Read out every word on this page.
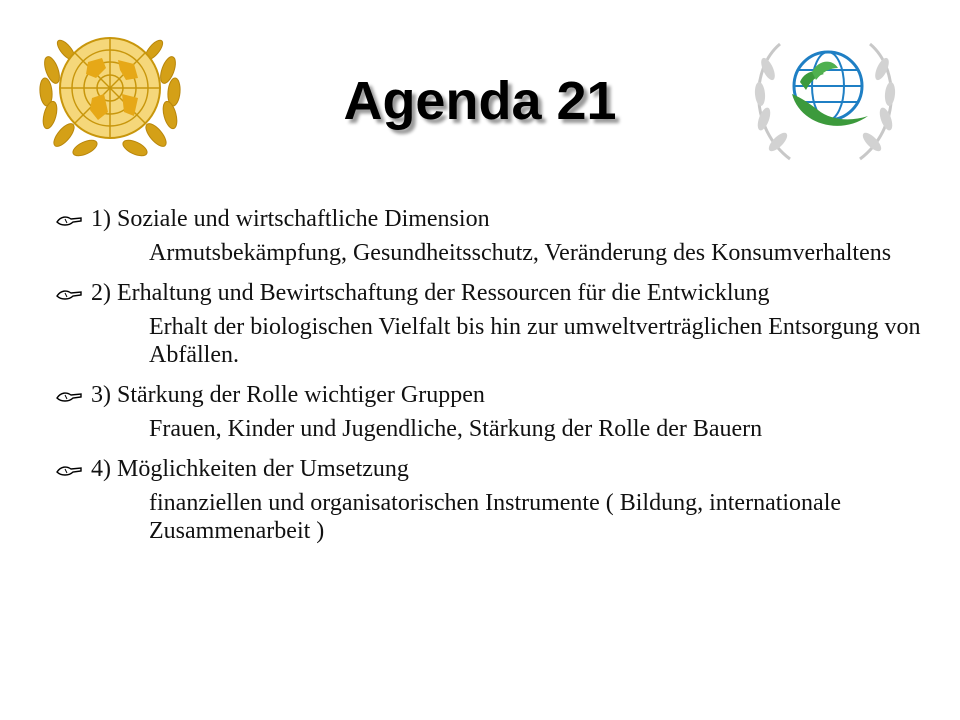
Agenda 21
1) Soziale und wirtschaftliche Dimension
Armutsbekämpfung, Gesundheitsschutz, Veränderung des Konsumverhaltens
2) Erhaltung und Bewirtschaftung der Ressourcen für die Entwicklung
Erhalt der biologischen Vielfalt bis hin zur umweltverträglichen Entsorgung von Abfällen.
3) Stärkung der Rolle wichtiger Gruppen
Frauen, Kinder und Jugendliche, Stärkung der Rolle der Bauern
4) Möglichkeiten der Umsetzung
finanziellen und organisatorischen Instrumente ( Bildung, internationale Zusammenarbeit )
